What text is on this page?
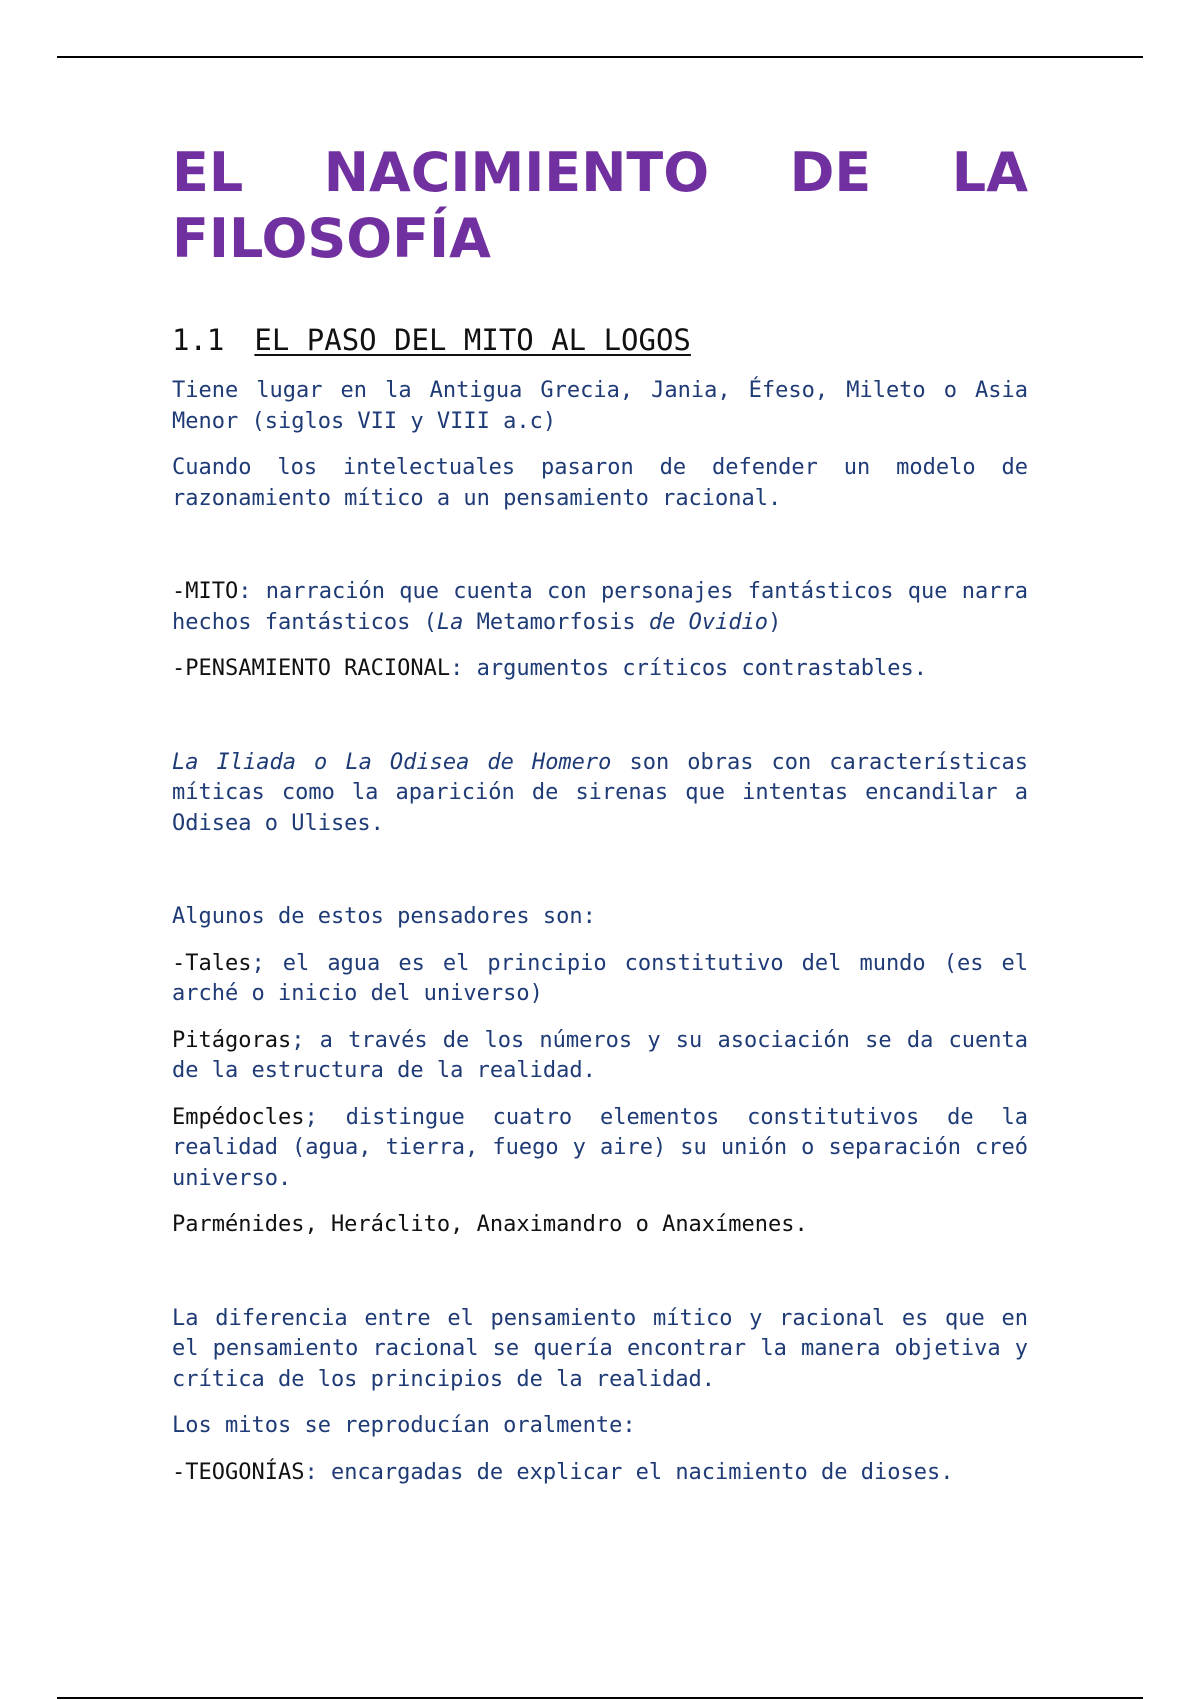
EL NACIMIENTO DE LA
FILOSOFÍA
1.1 EL PASO DEL MITO AL LOGOS

Tiene lugar en la Antigua Grecia, Jania, Éfeso, Mileto o Asia Menor (siglos VII y VIII a.c)

Cuando los intelectuales pasaron de defender un modelo de razonamiento mítico a un pensamiento racional.

-MITO: narración que cuenta con personajes fantásticos que narra hechos fantásticos (La Metamorfosis de Ovidio)

-PENSAMIENTO RACIONAL: argumentos críticos contrastables.

La Iliada o La Odisea de Homero son obras con características míticas como la aparición de sirenas que intentas encandilar a Odisea o Ulises.

Algunos de estos pensadores son:

-Tales; el agua es el principio constitutivo del mundo (es el arché o inicio del universo)

Pitágoras; a través de los números y su asociación se da cuenta de la estructura de la realidad.

Empédocles; distingue cuatro elementos constitutivos de la realidad (agua, tierra, fuego y aire) su unión o separación creó universo.

Parménides, Heráclito, Anaximandro o Anaxímenes.

La diferencia entre el pensamiento mítico y racional es que en el pensamiento racional se quería encontrar la manera objetiva y crítica de los principios de la realidad.

Los mitos se reproducían oralmente:

-TEOGONÍAS: encargadas de explicar el nacimiento de dioses.
